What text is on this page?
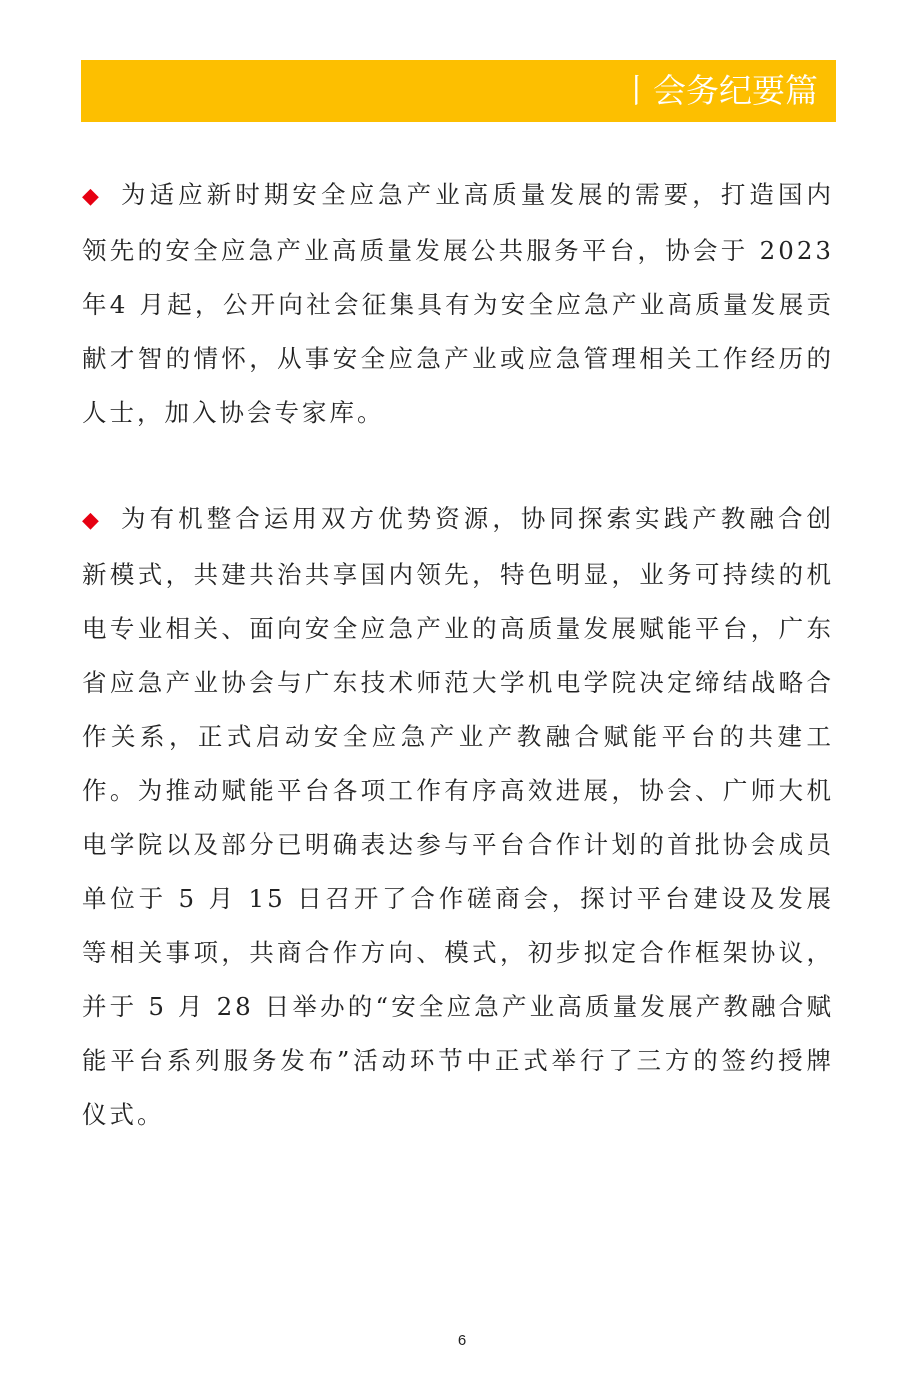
丨会务纪要篇

◆ 为适应新时期安全应急产业高质量发展的需要，打造国内领先的安全应急产业高质量发展公共服务平台，协会于 2023 年4 月起，公开向社会征集具有为安全应急产业高质量发展贡献才智的情怀，从事安全应急产业或应急管理相关工作经历的人士，加入协会专家库。

◆ 为有机整合运用双方优势资源，协同探索实践产教融合创新模式，共建共治共享国内领先，特色明显，业务可持续的机电专业相关、面向安全应急产业的高质量发展赋能平台，广东省应急产业协会与广东技术师范大学机电学院决定缔结战略合作关系，正式启动安全应急产业产教融合赋能平台的共建工作。为推动赋能平台各项工作有序高效进展，协会、广师大机电学院以及部分已明确表达参与平台合作计划的首批协会成员单位于 5 月 15 日召开了合作磋商会，探讨平台建设及发展等相关事项，共商合作方向、模式，初步拟定合作框架协议，并于 5 月 28 日举办的“安全应急产业高质量发展产教融合赋能平台系列服务发布”活动环节中正式举行了三方的签约授牌仪式。

6
